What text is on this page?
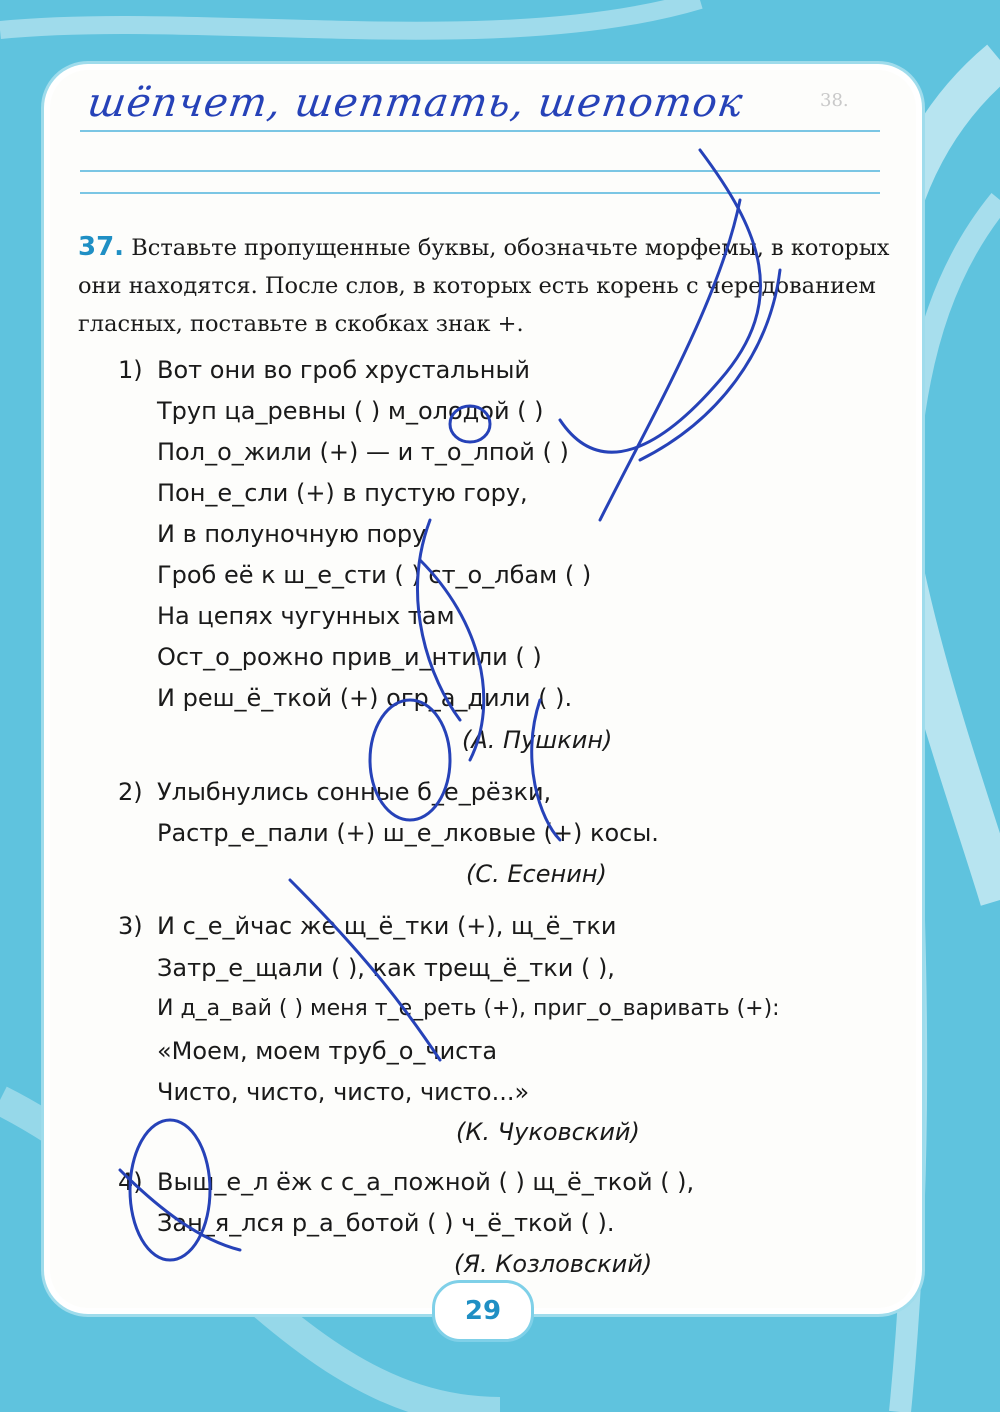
38.
шёпчет, шептать, шепоток
37. Вставьте пропущенные буквы, обозначьте морфемы, в которых они находятся. После слов, в которых есть корень с чередованием гласных, поставьте в скобках знак +.
1) Вот они во гроб хрустальный
Труп ца_ревны ( ) м_олодой ( )
Пол_о_жили (+) — и т_о_лпой ( )
Пон_е_сли (+) в пустую гору,
И в полуночную пору
Гроб её к ш_е_сти ( ) ст_о_лбам ( )
На цепях чугунных там
Ост_о_рожно прив_и_нтили ( )
И реш_ё_ткой (+) огр_а_дили ( ).
(А. Пушкин)
2) Улыбнулись сонные б_е_рёзки,
Растр_е_пали (+) ш_е_лковые (+) косы.
(С. Есенин)
3) И с_е_йчас же щ_ё_тки (+), щ_ё_тки
Затр_е_щали ( ), как трещ_ё_тки ( ),
И д_а_вай ( ) меня т_е_реть (+), приг_о_варивать (+):
«Моем, моем труб_о_чиста
Чисто, чисто, чисто, чисто...»
(К. Чуковский)
4) Выш_е_л ёж с с_а_пожной ( ) щ_ё_ткой ( ),
Зан_я_лся р_а_ботой ( ) ч_ё_ткой ( ).
(Я. Козловский)
29
